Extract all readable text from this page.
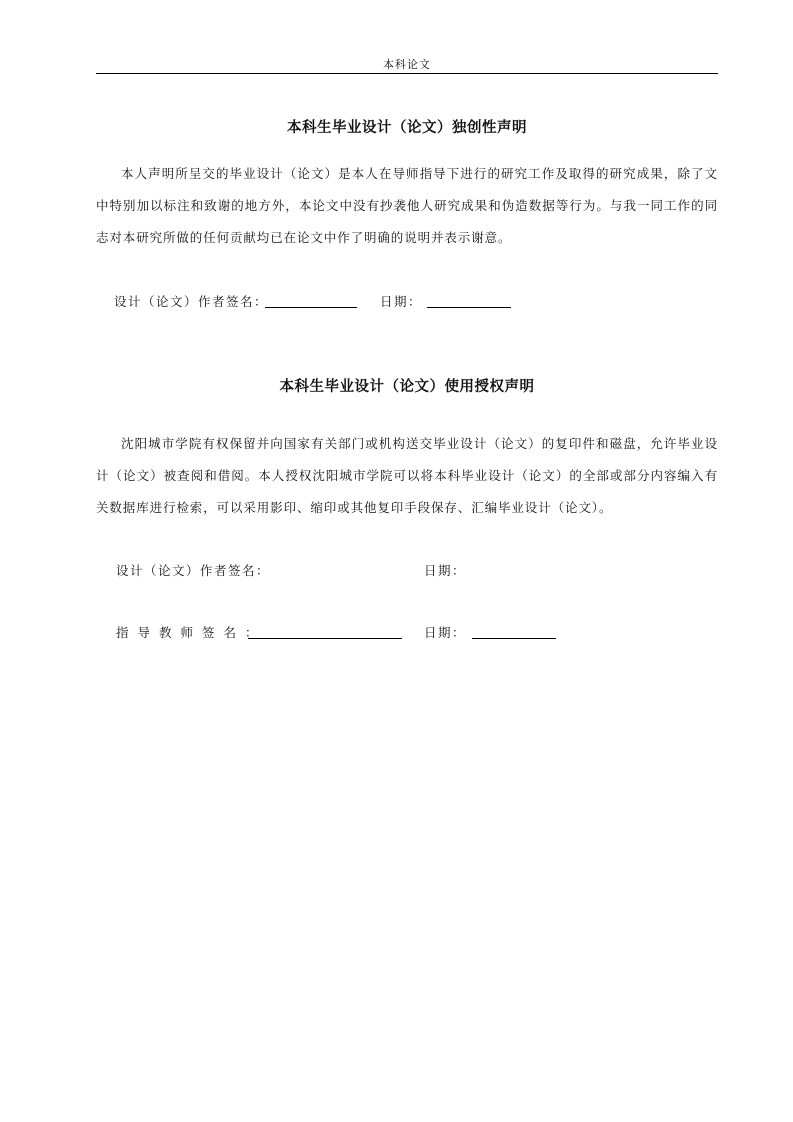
本科论文
本科生毕业设计（论文）独创性声明
本人声明所呈交的毕业设计（论文）是本人在导师指导下进行的研究工作及取得的研究成果，除了文中特别加以标注和致谢的地方外，本论文中没有抄袭他人研究成果和伪造数据等行为。与我一同工作的同志对本研究所做的任何贡献均已在论文中作了明确的说明并表示谢意。
设计（论文）作者签名：	日期：
本科生毕业设计（论文）使用授权声明
沈阳城市学院有权保留并向国家有关部门或机构送交毕业设计（论文）的复印件和磁盘，允许毕业设计（论文）被查阅和借阅。本人授权沈阳城市学院可以将本科毕业设计（论文）的全部或部分内容编入有关数据库进行检索，可以采用影印、缩印或其他复印手段保存、汇编毕业设计（论文）。
设计（论文）作者签名：	日期：
指导教师签名：	日期：
